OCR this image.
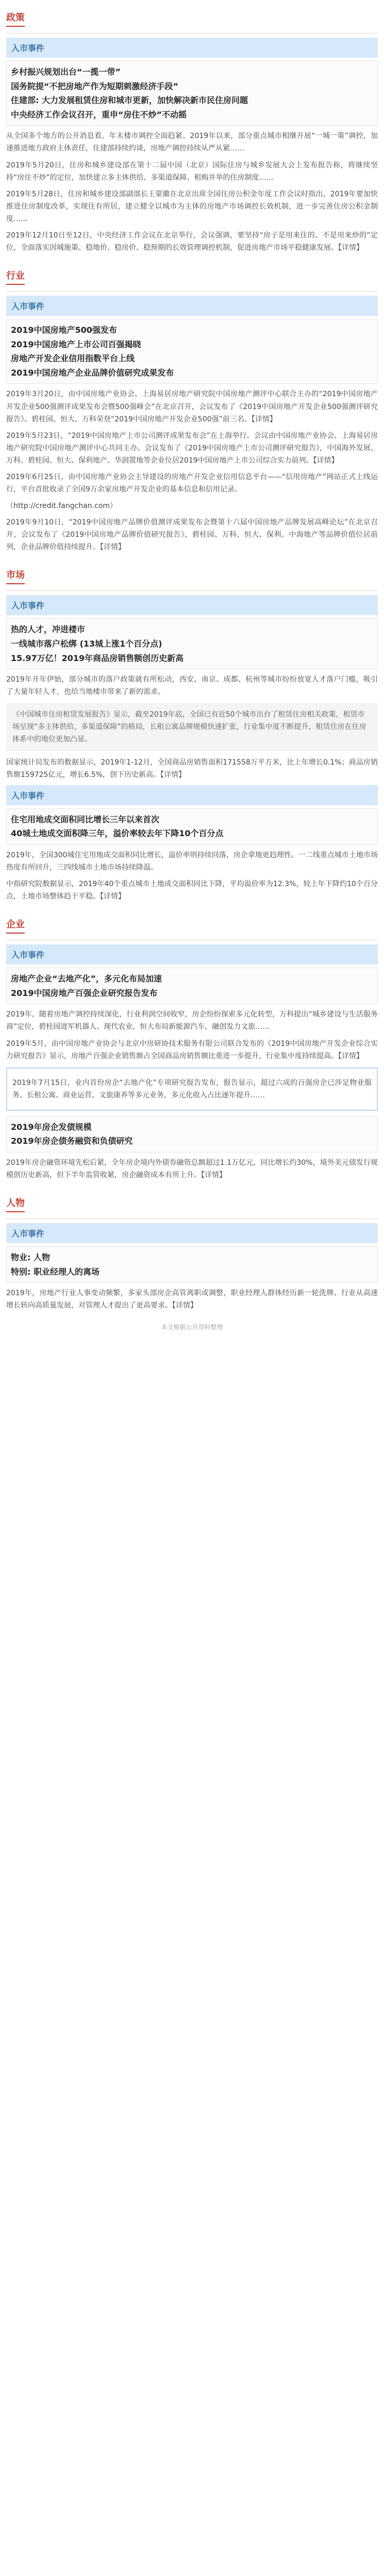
政策
入市事件

乡村振兴规划出台“一揽一带”

国务院提“不把房地产作为短期刺激经济手段”

住建部: 大力发展租赁住房和城市更新，加快解决新市民住房问题

中央经济工作会议召开，重申“房住不炒”不动摇

从全国多个地方的公开消息看，年末楼市调控全面趋紧、2019年以来，部分重点城市相继开展“一城一策”调控，加速推进地方政府主体责任，住建部持续约谈，房地产调控持续从严从紧……

2019年5月20日，住房和城乡建设部在第十二届中国（北京）国际住房与城乡发展大会上发布报告称，将继续坚持“房住不炒”的定位，加快建立多主体供给、多渠道保障、租购并举的住房制度……

2019年5月28日，住房和城乡建设部副部长王蒙徽在北京出席全国住房公积金年度工作会议时指出，2019年要加快推进住房制度改革，实现住有所居，建立健全以城市为主体的房地产市场调控长效机制，进一步完善住房公积金制度……

2019年12月10日至12日，中央经济工作会议在北京举行，会议强调，要坚持“房子是用来住的、不是用来炒的”定位，全面落实因城施策、稳地价、稳房价、稳预期的长效管理调控机制，促进房地产市场平稳健康发展。【详情】

行业
入市事件

2019中国房地产500强发布

2019中国房地产上市公司百强揭晓

房地产开发企业信用指数平台上线

2019中国房地产企业品牌价值研究成果发布

2019年3月20日，由中国房地产业协会、上海易居房地产研究院中国房地产测评中心联合主办的“2019中国房地产开发企业500强测评成果发布会暨500强峰会”在北京召开，会议发布了《2019中国房地产开发企业500强测评研究报告》。碧桂园、恒大、万科荣登“2019中国房地产开发企业500强”前三名。【详情】

2019年5月23日，“2019中国房地产上市公司测评成果发布会”在上海举行。会议由中国房地产业协会、上海易居房地产研究院中国房地产测评中心共同主办。会议发布了《2019中国房地产上市公司测评研究报告》，中国海外发展、万科、碧桂园、恒大、保利地产、华润置地等企业位居2019中国房地产上市公司综合实力前列。【详情】

2019年6月25日，由中国房地产业协会主导建设的房地产开发企业信用信息平台——“信用房地产”网站正式上线运行，平台首批收录了全国9万余家房地产开发企业的基本信息和信用记录。

（http://credit.fangchan.com）

2019年9月10日，“2019中国房地产品牌价值测评成果发布会暨第十六届中国房地产品牌发展高峰论坛”在北京召开，会议发布了《2019中国房地产品牌价值研究报告》，碧桂园、万科、恒大、保利、中海地产等品牌价值位居前列，企业品牌价值持续提升。【详情】

市场
入市事件

热的人才，冲进楼市

一线城市落户松绑 (13城上涨1个百分点)

15.97万亿！2019年商品房销售额创历史新高

2019年开年伊始，部分城市的落户政策就有所松动，西安、南京、成都、杭州等城市纷纷放宽人才落户门槛，吸引了大量年轻人才，也给当地楼市带来了新的需求。

《中国城市住房租赁发展报告》显示，截至2019年底，全国已有近50个城市出台了租赁住房相关政策，租赁市场呈现“多主体供给、多渠道保障”的格局，长租公寓品牌规模快速扩张，行业集中度不断提升，租赁住房在住房体系中的地位更加凸显。

国家统计局发布的数据显示，2019年1-12月，全国商品房销售面积171558万平方米，比上年增长0.1%；商品房销售额159725亿元，增长6.5%，创下历史新高。【详情】

入市事件

住宅用地成交面积同比增长三年以来首次

40城土地成交面积降三年，溢价率较去年下降10个百分点

2019年，全国300城住宅用地成交面积同比增长，溢价率则持续回落，房企拿地更趋理性。一二线重点城市土地市场热度有所回升，三四线城市土地市场持续降温。

中指研究院数据显示，2019年40个重点城市土地成交面积同比下降，平均溢价率为12.3%，较上年下降约10个百分点，土地市场整体趋于平稳。【详情】

企业
入市事件

房地产企业“去地产化”，多元化布局加速

2019中国房地产百强企业研究报告发布

2019年，随着房地产调控持续深化，行业利润空间收窄，房企纷纷探索多元化转型，万科提出“城乡建设与生活服务商”定位，碧桂园进军机器人、现代农业，恒大布局新能源汽车，融创发力文旅……

2019年5月，由中国房地产业协会与北京中房研协技术服务有限公司联合发布的《2019中国房地产开发企业综合实力研究报告》显示，房地产百强企业销售额占全国商品房销售额比重进一步提升，行业集中度持续提高。【详情】

2019年7月15日，业内首份房企“去地产化”专项研究报告发布，报告显示，超过六成的百强房企已涉足物业服务、长租公寓、商业运营、文旅康养等多元业务，多元化收入占比逐年提升……

2019年房企发债规模

2019年房企债务融资和负债研究

2019年房企融资环境先松后紧，全年房企境内外债券融资总额超过1.1万亿元，同比增长约30%，境外美元债发行规模创历史新高，但下半年监管收紧，房企融资成本有所上升。【详情】

人物
入市事件

物业: 人物

特别: 职业经理人的离场

2019年，房地产行业人事变动频繁，多家头部房企高管离职或调整，职业经理人群体经历新一轮洗牌。行业从高速增长转向高质量发展，对管理人才提出了更高要求。【详情】

本文根据公开资料整理
